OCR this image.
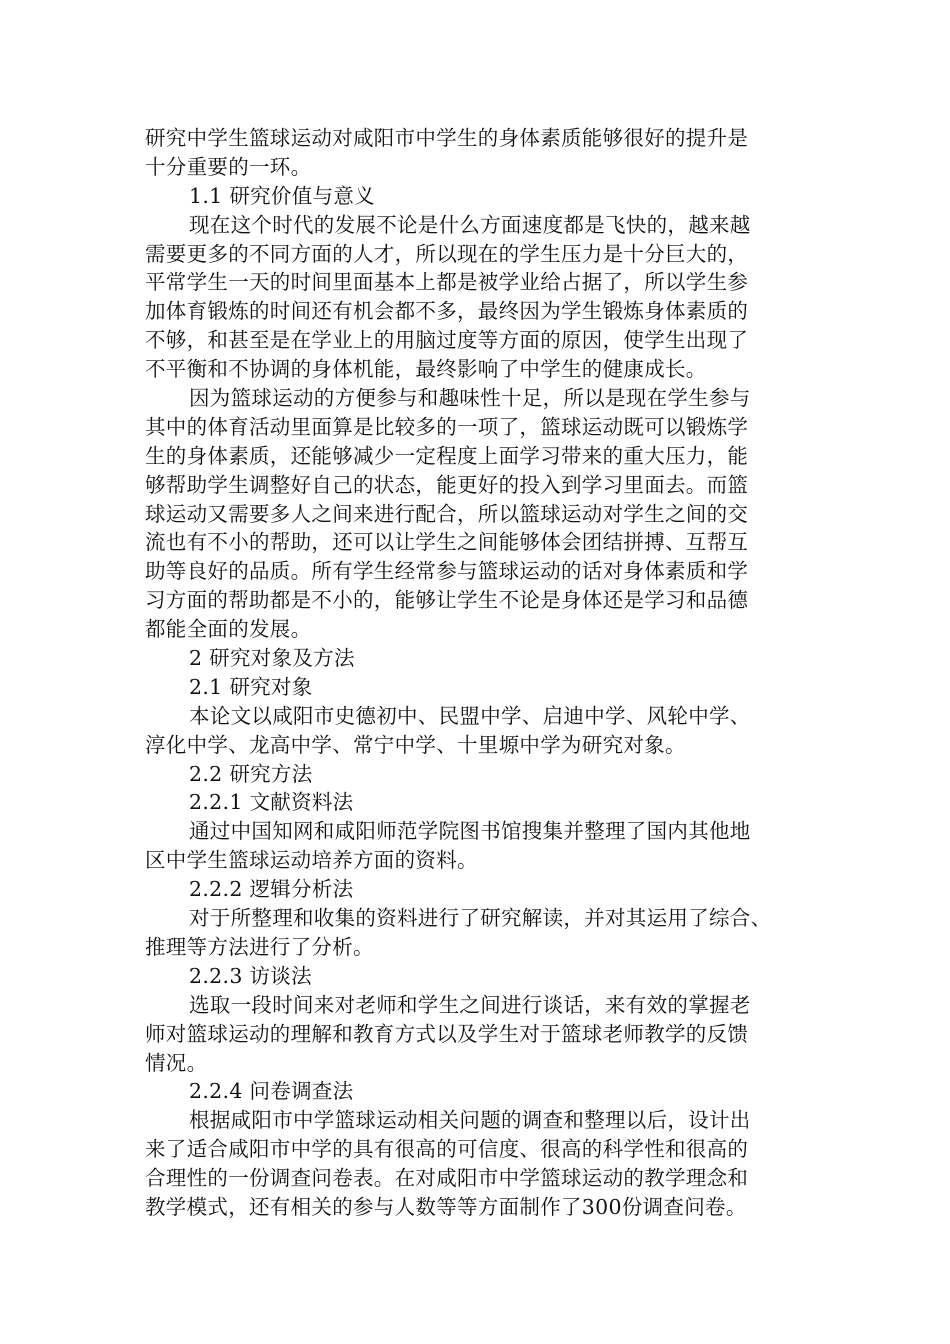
研究中学生篮球运动对咸阳市中学生的身体素质能够很好的提升是
十分重要的一环。
1.1 研究价值与意义
现在这个时代的发展不论是什么方面速度都是飞快的，越来越
需要更多的不同方面的人才，所以现在的学生压力是十分巨大的，
平常学生一天的时间里面基本上都是被学业给占据了，所以学生参
加体育锻炼的时间还有机会都不多，最终因为学生锻炼身体素质的
不够，和甚至是在学业上的用脑过度等方面的原因，使学生出现了
不平衡和不协调的身体机能，最终影响了中学生的健康成长。
因为篮球运动的方便参与和趣味性十足，所以是现在学生参与
其中的体育活动里面算是比较多的一项了，篮球运动既可以锻炼学
生的身体素质，还能够减少一定程度上面学习带来的重大压力，能
够帮助学生调整好自己的状态，能更好的投入到学习里面去。而篮
球运动又需要多人之间来进行配合，所以篮球运动对学生之间的交
流也有不小的帮助，还可以让学生之间能够体会团结拼搏、互帮互
助等良好的品质。所有学生经常参与篮球运动的话对身体素质和学
习方面的帮助都是不小的，能够让学生不论是身体还是学习和品德
都能全面的发展。
2 研究对象及方法
2.1 研究对象
本论文以咸阳市史德初中、民盟中学、启迪中学、风轮中学、
淳化中学、龙高中学、常宁中学、十里塬中学为研究对象。
2.2 研究方法
2.2.1 文献资料法
通过中国知网和咸阳师范学院图书馆搜集并整理了国内其他地
区中学生篮球运动培养方面的资料。
2.2.2 逻辑分析法
对于所整理和收集的资料进行了研究解读，并对其运用了综合、
推理等方法进行了分析。
2.2.3 访谈法
选取一段时间来对老师和学生之间进行谈话，来有效的掌握老
师对篮球运动的理解和教育方式以及学生对于篮球老师教学的反馈
情况。
2.2.4 问卷调查法
根据咸阳市中学篮球运动相关问题的调查和整理以后，设计出
来了适合咸阳市中学的具有很高的可信度、很高的科学性和很高的
合理性的一份调查问卷表。在对咸阳市中学篮球运动的教学理念和
教学模式，还有相关的参与人数等等方面制作了300份调查问卷。
